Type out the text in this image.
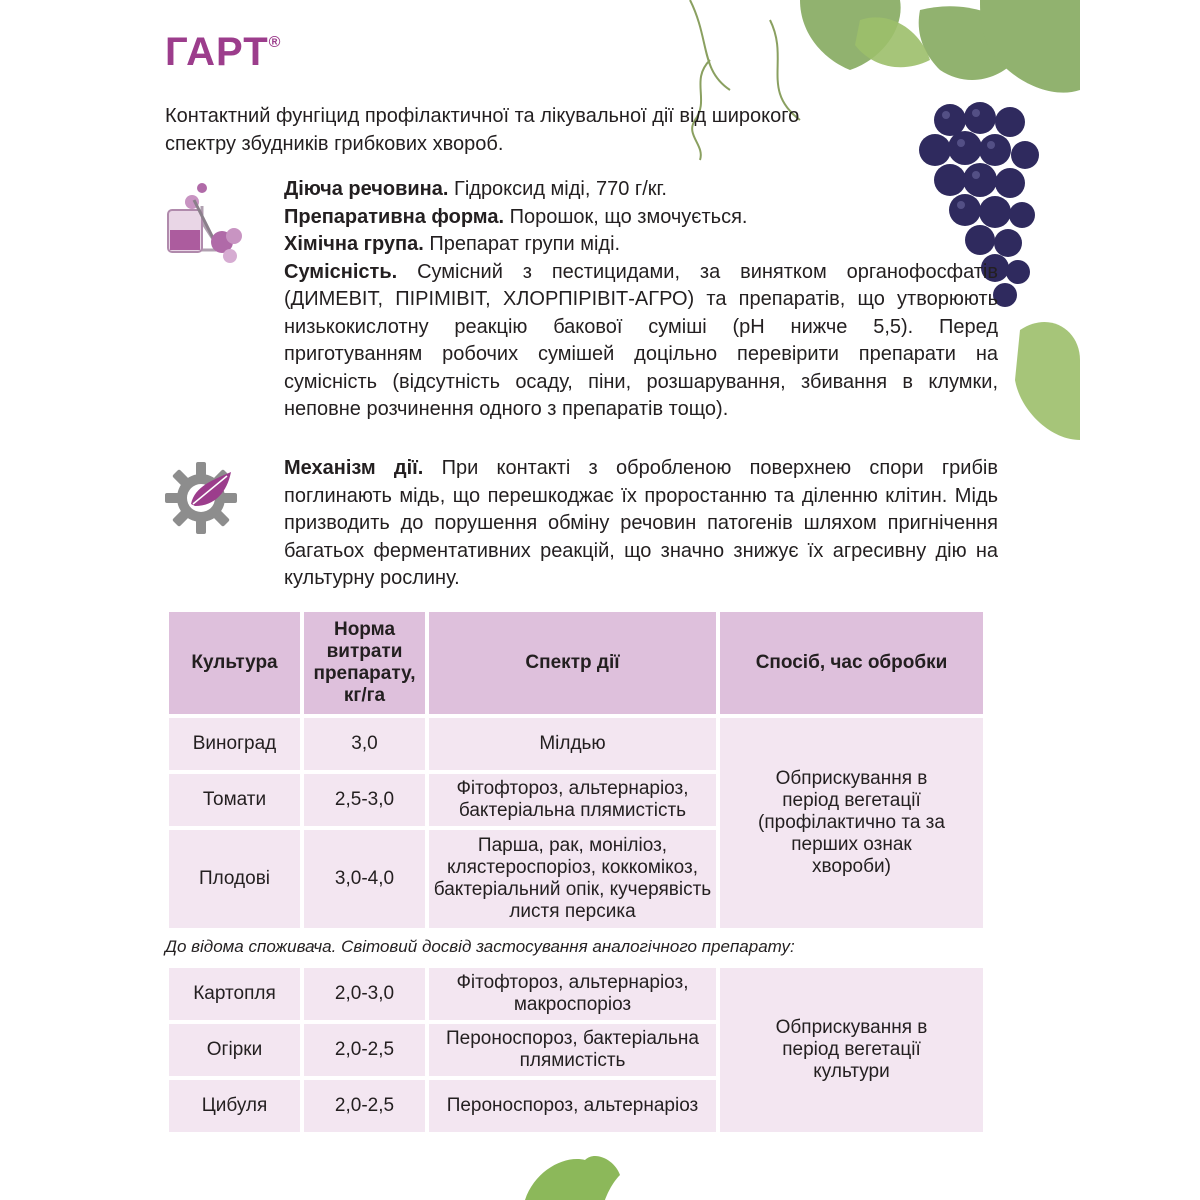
ГАРТ®
Контактний фунгіцид профілактичної та лікувальної дії від широкого спектру збудників грибкових хвороб.

Діюча речовина. Гідроксид міді, 770 г/кг.

Препаративна форма. Порошок, що змочується.

Хімічна група. Препарат групи міді.

Сумісність. Сумісний з пестицидами, за винятком органофосфатів (ДИМЕВІТ, ПІРІМІВІТ, ХЛОРПІРІВІТ-АГРО) та препаратів, що утворюють низькокислотну реакцію бакової суміші (pH нижче 5,5). Перед приготуванням робочих сумішей доцільно перевірити препарати на сумісність (відсутність осаду, піни, розшарування, збивання в клумки, неповне розчинення одного з препаратів тощо).

Механізм дії. При контакті з обробленою поверхнею спори грибів поглинають мідь, що перешкоджає їх проростанню та діленню клітин. Мідь призводить до порушення обміну речовин патогенів шляхом пригнічення багатьох ферментативних реакцій, що значно знижує їх агресивну дію на культурну рослину.

Культура	Норма витрати препарату, кг/га	Спектр дії	Спосіб, час обробки
Виноград	3,0	Мілдью	Обприскування в період вегетації (профілактично та за перших ознак хвороби)
Томати	2,5-3,0	Фітофтороз, альтернаріоз, бактеріальна плямистість	
Плодові	3,0-4,0	Парша, рак, моніліоз, клястероспоріоз, коккомікоз, бактеріальний опік, кучерявість листя персика	
До відома споживача. Світовий досвід застосування аналогічного препарату:
Картопля	2,0-3,0	Фітофтороз, альтернаріоз, макроспоріоз	Обприскування в період вегетації культури
Огірки	2,0-2,5	Пероноспороз, бактеріальна плямистість	
Цибуля	2,0-2,5	Пероноспороз, альтернаріоз	
